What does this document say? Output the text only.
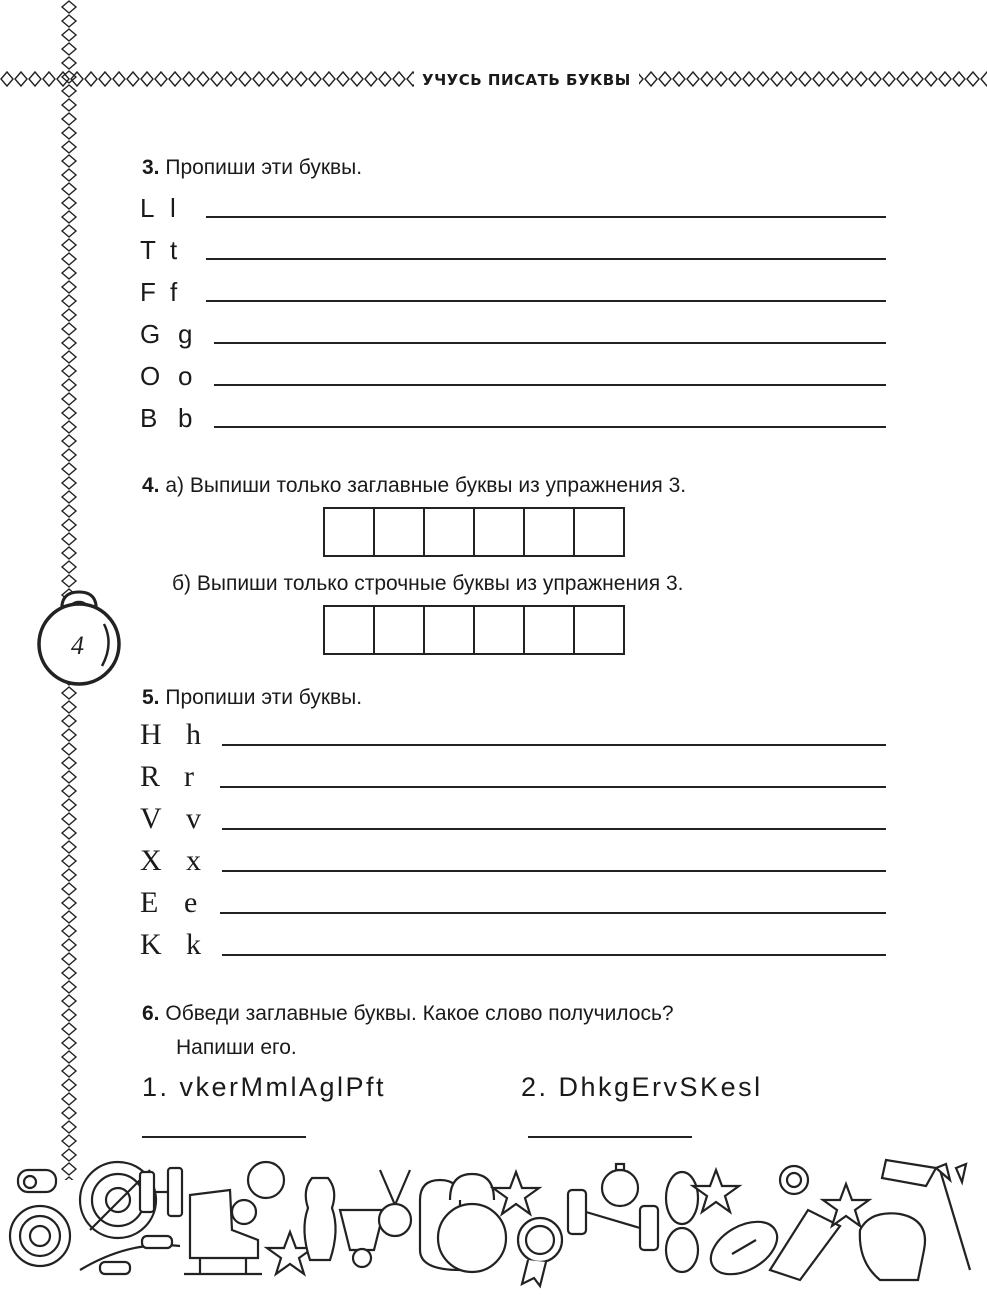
УЧУСЬ ПИСАТЬ БУКВЫ
4
3. Пропиши эти буквы.
L l
T t
F f
G g
O o
B b
4. а) Выпиши только заглавные буквы из упражнения 3.
б) Выпиши только строчные буквы из упражнения 3.
5. Пропиши эти буквы.
H h
R r
V v
X x
E e
K k
6. Обведи заглавные буквы. Какое слово получилось?
Напиши его.
1. vkerMmlAglPft	2. DhkgErvSKesl
